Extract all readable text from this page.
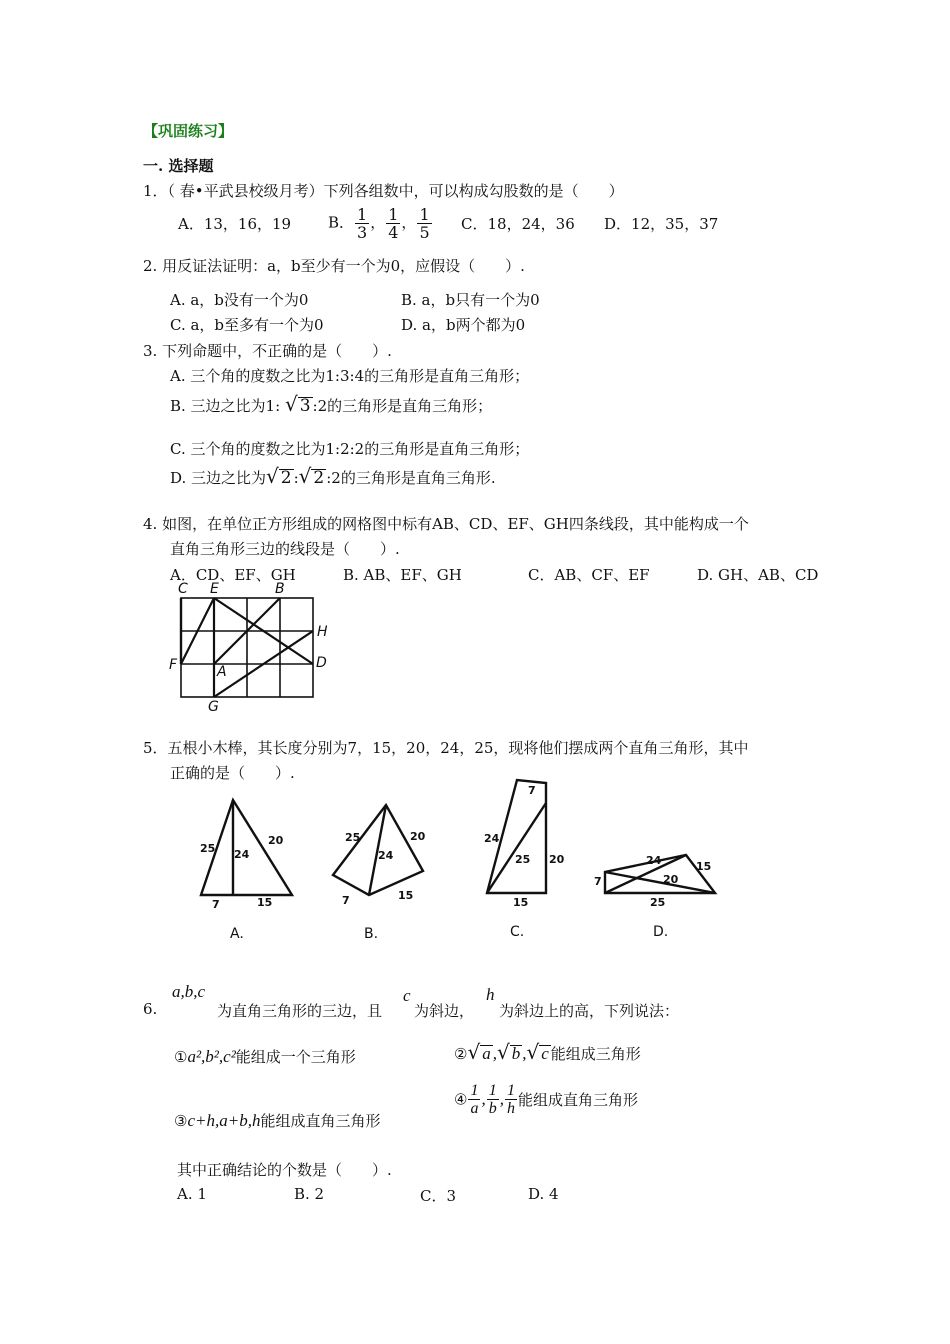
【巩固练习】
一. 选择题
1．（ 春•平武县校级月考）下列各组数中，可以构成勾股数的是（　　）
A．13，16，19 B． $\frac{1}{3}$ ， $\frac{1}{4}$ ， $\frac{1}{5}$ C．18，24，36 D．12，35，37
2. 用反证法证明：a，b至少有一个为0，应假设（　　）.
A. a，b没有一个为0	B. a，b只有一个为0
C. a，b至多有一个为0	D. a，b两个都为0
3. 下列命题中，不正确的是（　　）.
A. 三个角的度数之比为1:3:4的三角形是直角三角形；
B. 三边之比为1: √ 3 :2的三角形是直角三角形；
C. 三个角的度数之比为1:2:2的三角形是直角三角形；
D. 三边之比为√ 2 :√ 2 :2的三角形是直角三角形.
4. 如图，在单位正方形组成的网格图中标有AB、CD、EF、GH四条线段，其中能构成一个
直角三角形三边的线段是（　　）.
A．CD、EF、GH	B. AB、EF、GH	C．AB、CF、EF	D. GH、AB、CD
C E	B
H
F	A
D
G
5．五根小木棒，其长度分别为7，15，20，24，25，现将他们摆成两个直角三角形，其中
正确的是（　　）.
25 24
20
7	15
25	20
24
7	15
7
24
25 20
15
24	15
7	20
25
A.	B.	C.	D.
6.
a,b,c
为直角三角形的三边，且
c
为斜边，
h
为斜边上的高，下列说法：
①a²,b²,c²能组成一个三角形	②√ a ,√ b ,√ c 能组成三角形
③c+h,a+b,h能组成直角三角形
④ $\frac{1}{a}$ , $\frac{1}{b}$ , $\frac{1}{h}$ 能组成直角三角形
其中正确结论的个数是（　　）.
A. 1	B. 2	C．3	D. 4
